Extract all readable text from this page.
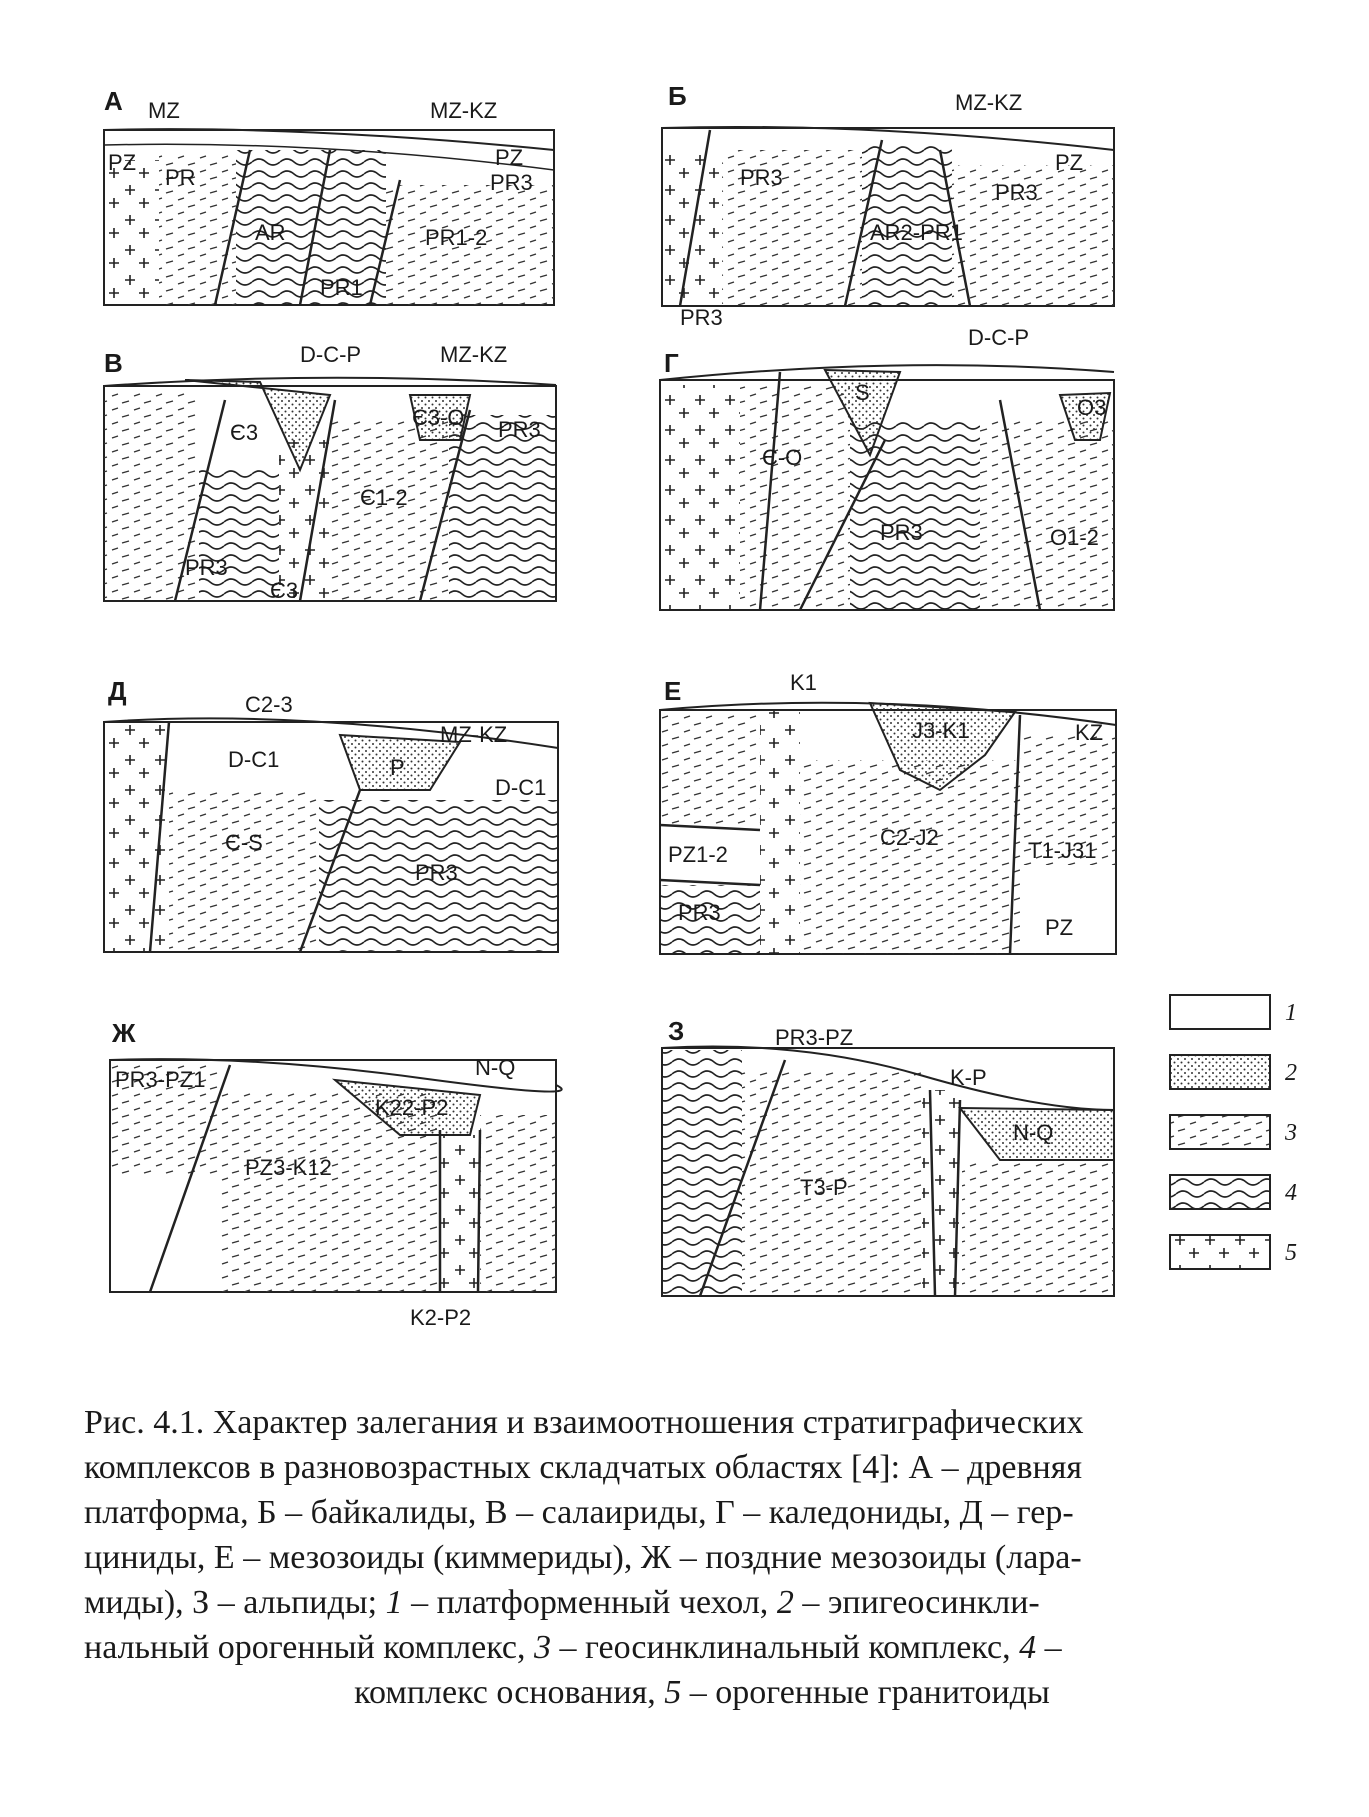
А MZ	MZ-KZ
PZ
PR
PZ
PR3
AR	PR1-2
PR1
Б	MZ-KZ
PZ
PR3
AR2-PR1
PR3
PR3
В	D-C-P	MZ-KZ
Є3
Є3-O PR3
Є1-2
PR3
Є3
Г
D-C-P
S
O3
Є-O
PR3	O1-2
Д	C2-3
MZ-KZ
D-C1	P
D-C1
Є-S
PR3
Е	K1
J3-K1	KZ
PZ1-2
C2-J2
T1-J31
PR3
PZ
Ж
PR3-PZ1	N-Q
K22-P2
PZ3-K12
K2-P2
З	PR3-PZ
K-P
N-Q
T3-P
1
2
3
4
5

Рис. 4.1. Характер залегания и взаимоотношения стратиграфических

комплексов в разновозрастных складчатых областях [4]: А – древняя

платформа, Б – байкалиды, В – салаириды, Г – каледониды, Д – гер-

циниды, Е – мезозоиды (киммериды), Ж – поздние мезозоиды (лара-

миды), З – альпиды; 1 – платформенный чехол, 2 – эпигеосинкли-

нальный орогенный комплекс, 3 – геосинклинальный комплекс, 4 –

комплекс основания, 5 – орогенные гранитоиды
